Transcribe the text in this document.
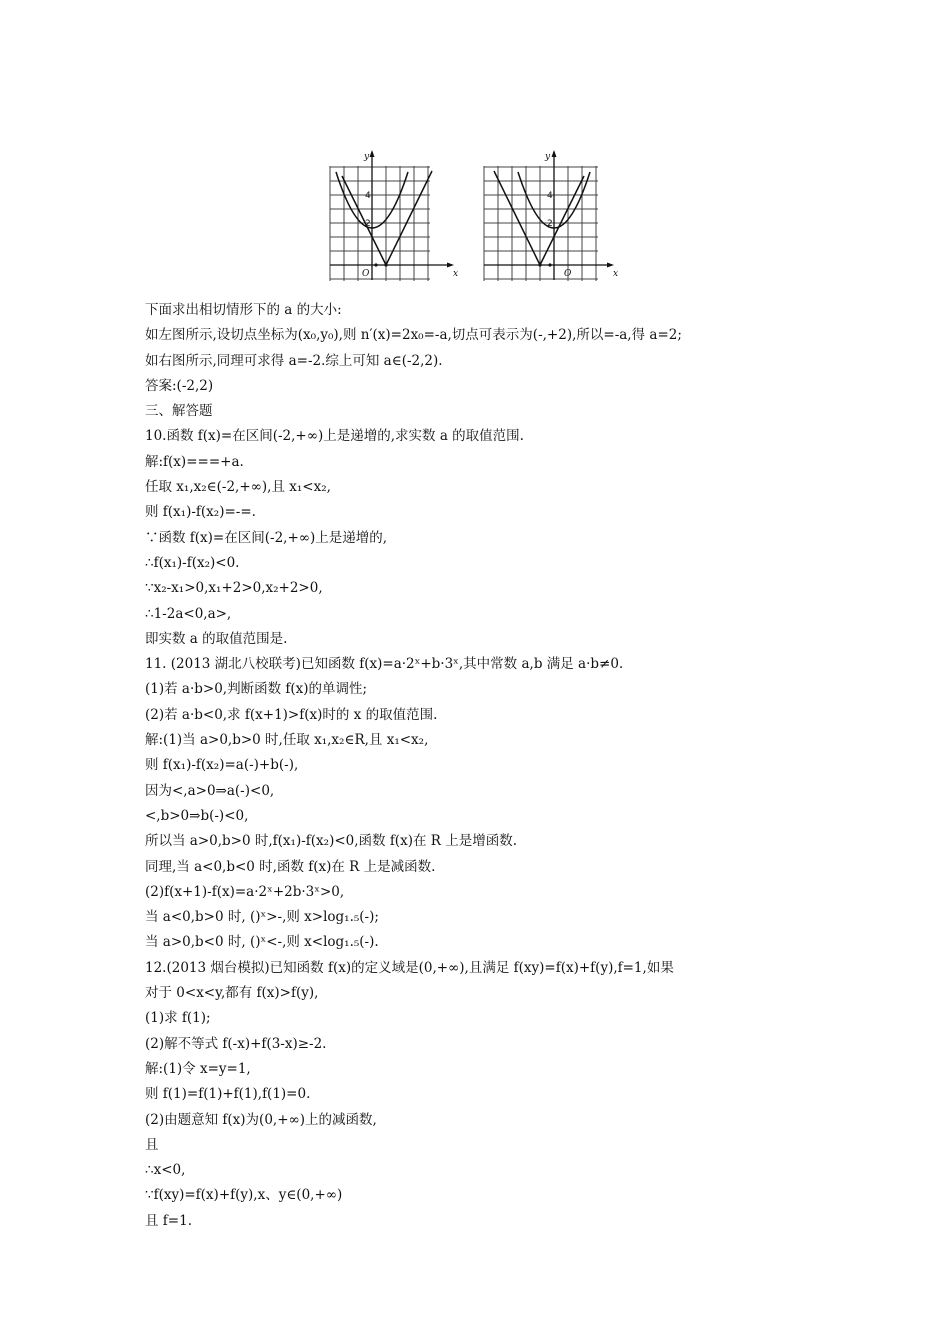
y
x
O
4
2
y
x
O
4
2
下面求出相切情形下的 a 的大小:
如左图所示,设切点坐标为(x₀,y₀),则 n′(x)=2x₀=-a,切点可表示为(-,+2),所以=-a,得 a=2;
如右图所示,同理可求得 a=-2.综上可知 a∈(-2,2).
答案:(-2,2)
三、解答题
10.函数 f(x)=在区间(-2,+∞)上是递增的,求实数 a 的取值范围.
解:f(x)===+a.
任取 x₁,x₂∈(-2,+∞),且 x₁<x₂,
则 f(x₁)-f(x₂)=-=.
∵函数 f(x)=在区间(-2,+∞)上是递增的,
∴f(x₁)-f(x₂)<0.
∵x₂-x₁>0,x₁+2>0,x₂+2>0,
∴1-2a<0,a>,
即实数 a 的取值范围是.
11. (2013 湖北八校联考)已知函数 f(x)=a·2ˣ+b·3ˣ,其中常数 a,b 满足 a·b≠0.
(1)若 a·b>0,判断函数 f(x)的单调性;
(2)若 a·b<0,求 f(x+1)>f(x)时的 x 的取值范围.
解:(1)当 a>0,b>0 时,任取 x₁,x₂∈R,且 x₁<x₂,
则 f(x₁)-f(x₂)=a(-)+b(-),
因为<,a>0⇒a(-)<0,
<,b>0⇒b(-)<0,
所以当 a>0,b>0 时,f(x₁)-f(x₂)<0,函数 f(x)在 R 上是增函数.
同理,当 a<0,b<0 时,函数 f(x)在 R 上是减函数.
(2)f(x+1)-f(x)=a·2ˣ+2b·3ˣ>0,
当 a<0,b>0 时, ()ˣ>-,则 x>log₁.₅(-);
当 a>0,b<0 时, ()ˣ<-,则 x<log₁.₅(-).
12.(2013 烟台模拟)已知函数 f(x)的定义域是(0,+∞),且满足 f(xy)=f(x)+f(y),f=1,如果
对于 0<x<y,都有 f(x)>f(y),
(1)求 f(1);
(2)解不等式 f(-x)+f(3-x)≥-2.
解:(1)令 x=y=1,
则 f(1)=f(1)+f(1),f(1)=0.
(2)由题意知 f(x)为(0,+∞)上的减函数,
且
∴x<0,
∵f(xy)=f(x)+f(y),x、y∈(0,+∞)
且 f=1.
